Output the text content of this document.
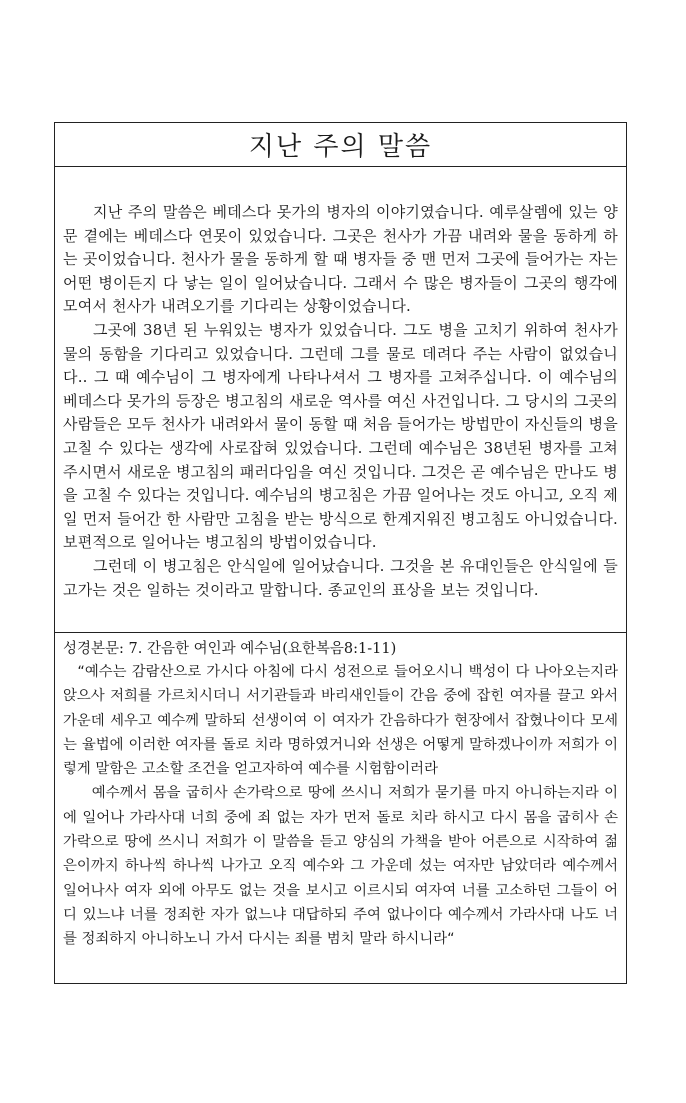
지난 주의 말씀

지난 주의 말씀은 베데스다 못가의 병자의 이야기였습니다. 예루살렘에 있는 양문 곁에는 베데스다 연못이 있었습니다. 그곳은 천사가 가끔 내려와 물을 동하게 하는 곳이었습니다. 천사가 물을 동하게 할 때 병자들 중 맨 먼저 그곳에 들어가는 자는 어떤 병이든지 다 낳는 일이 일어났습니다. 그래서 수 많은 병자들이 그곳의 행각에 모여서 천사가 내려오기를 기다리는 상황이었습니다.

그곳에 38년 된 누워있는 병자가 있었습니다. 그도 병을 고치기 위하여 천사가 물의 동함을 기다리고 있었습니다. 그런데 그를 물로 데려다 주는 사람이 없었습니다.. 그 때 예수님이 그 병자에게 나타나셔서 그 병자를 고쳐주십니다. 이 예수님의 베데스다 못가의 등장은 병고침의 새로운 역사를 여신 사건입니다. 그 당시의 그곳의 사람들은 모두 천사가 내려와서 물이 동할 때 처음 들어가는 방법만이 자신들의 병을 고칠 수 있다는 생각에 사로잡혀 있었습니다. 그런데 예수님은 38년된 병자를 고쳐주시면서 새로운 병고침의 패러다임을 여신 것입니다. 그것은 곧 예수님은 만나도 병을 고칠 수 있다는 것입니다. 예수님의 병고침은 가끔 일어나는 것도 아니고, 오직 제일 먼저 들어간 한 사람만 고침을 받는 방식으로 한계지워진 병고침도 아니었습니다. 보편적으로 일어나는 병고침의 방법이었습니다.

그런데 이 병고침은 안식일에 일어났습니다. 그것을 본 유대인들은 안식일에 들고가는 것은 일하는 것이라고 말합니다. 종교인의 표상을 보는 것입니다.

성경본문: 7. 간음한 여인과 예수님(요한복음8:1-11)

“예수는 감람산으로 가시다 아침에 다시 성전으로 들어오시니 백성이 다 나아오는지라 앉으사 저희를 가르치시더니 서기관들과 바리새인들이 간음 중에 잡힌 여자를 끌고 와서 가운데 세우고 예수께 말하되 선생이여 이 여자가 간음하다가 현장에서 잡혔나이다 모세는 율법에 이러한 여자를 돌로 치라 명하였거니와 선생은 어떻게 말하겠나이까 저희가 이렇게 말함은 고소할 조건을 얻고자하여 예수를 시험함이러라

예수께서 몸을 굽히사 손가락으로 땅에 쓰시니 저희가 묻기를 마지 아니하는지라 이에 일어나 가라사대 너희 중에 죄 없는 자가 먼저 돌로 치라 하시고 다시 몸을 굽히사 손가락으로 땅에 쓰시니 저희가 이 말씀을 듣고 양심의 가책을 받아 어른으로 시작하여 젊은이까지 하나씩 하나씩 나가고 오직 예수와 그 가운데 섰는 여자만 남았더라 예수께서 일어나사 여자 외에 아무도 없는 것을 보시고 이르시되 여자여 너를 고소하던 그들이 어디 있느냐 너를 정죄한 자가 없느냐 대답하되 주여 없나이다 예수께서 가라사대 나도 너를 정죄하지 아니하노니 가서 다시는 죄를 범치 말라 하시니라“
